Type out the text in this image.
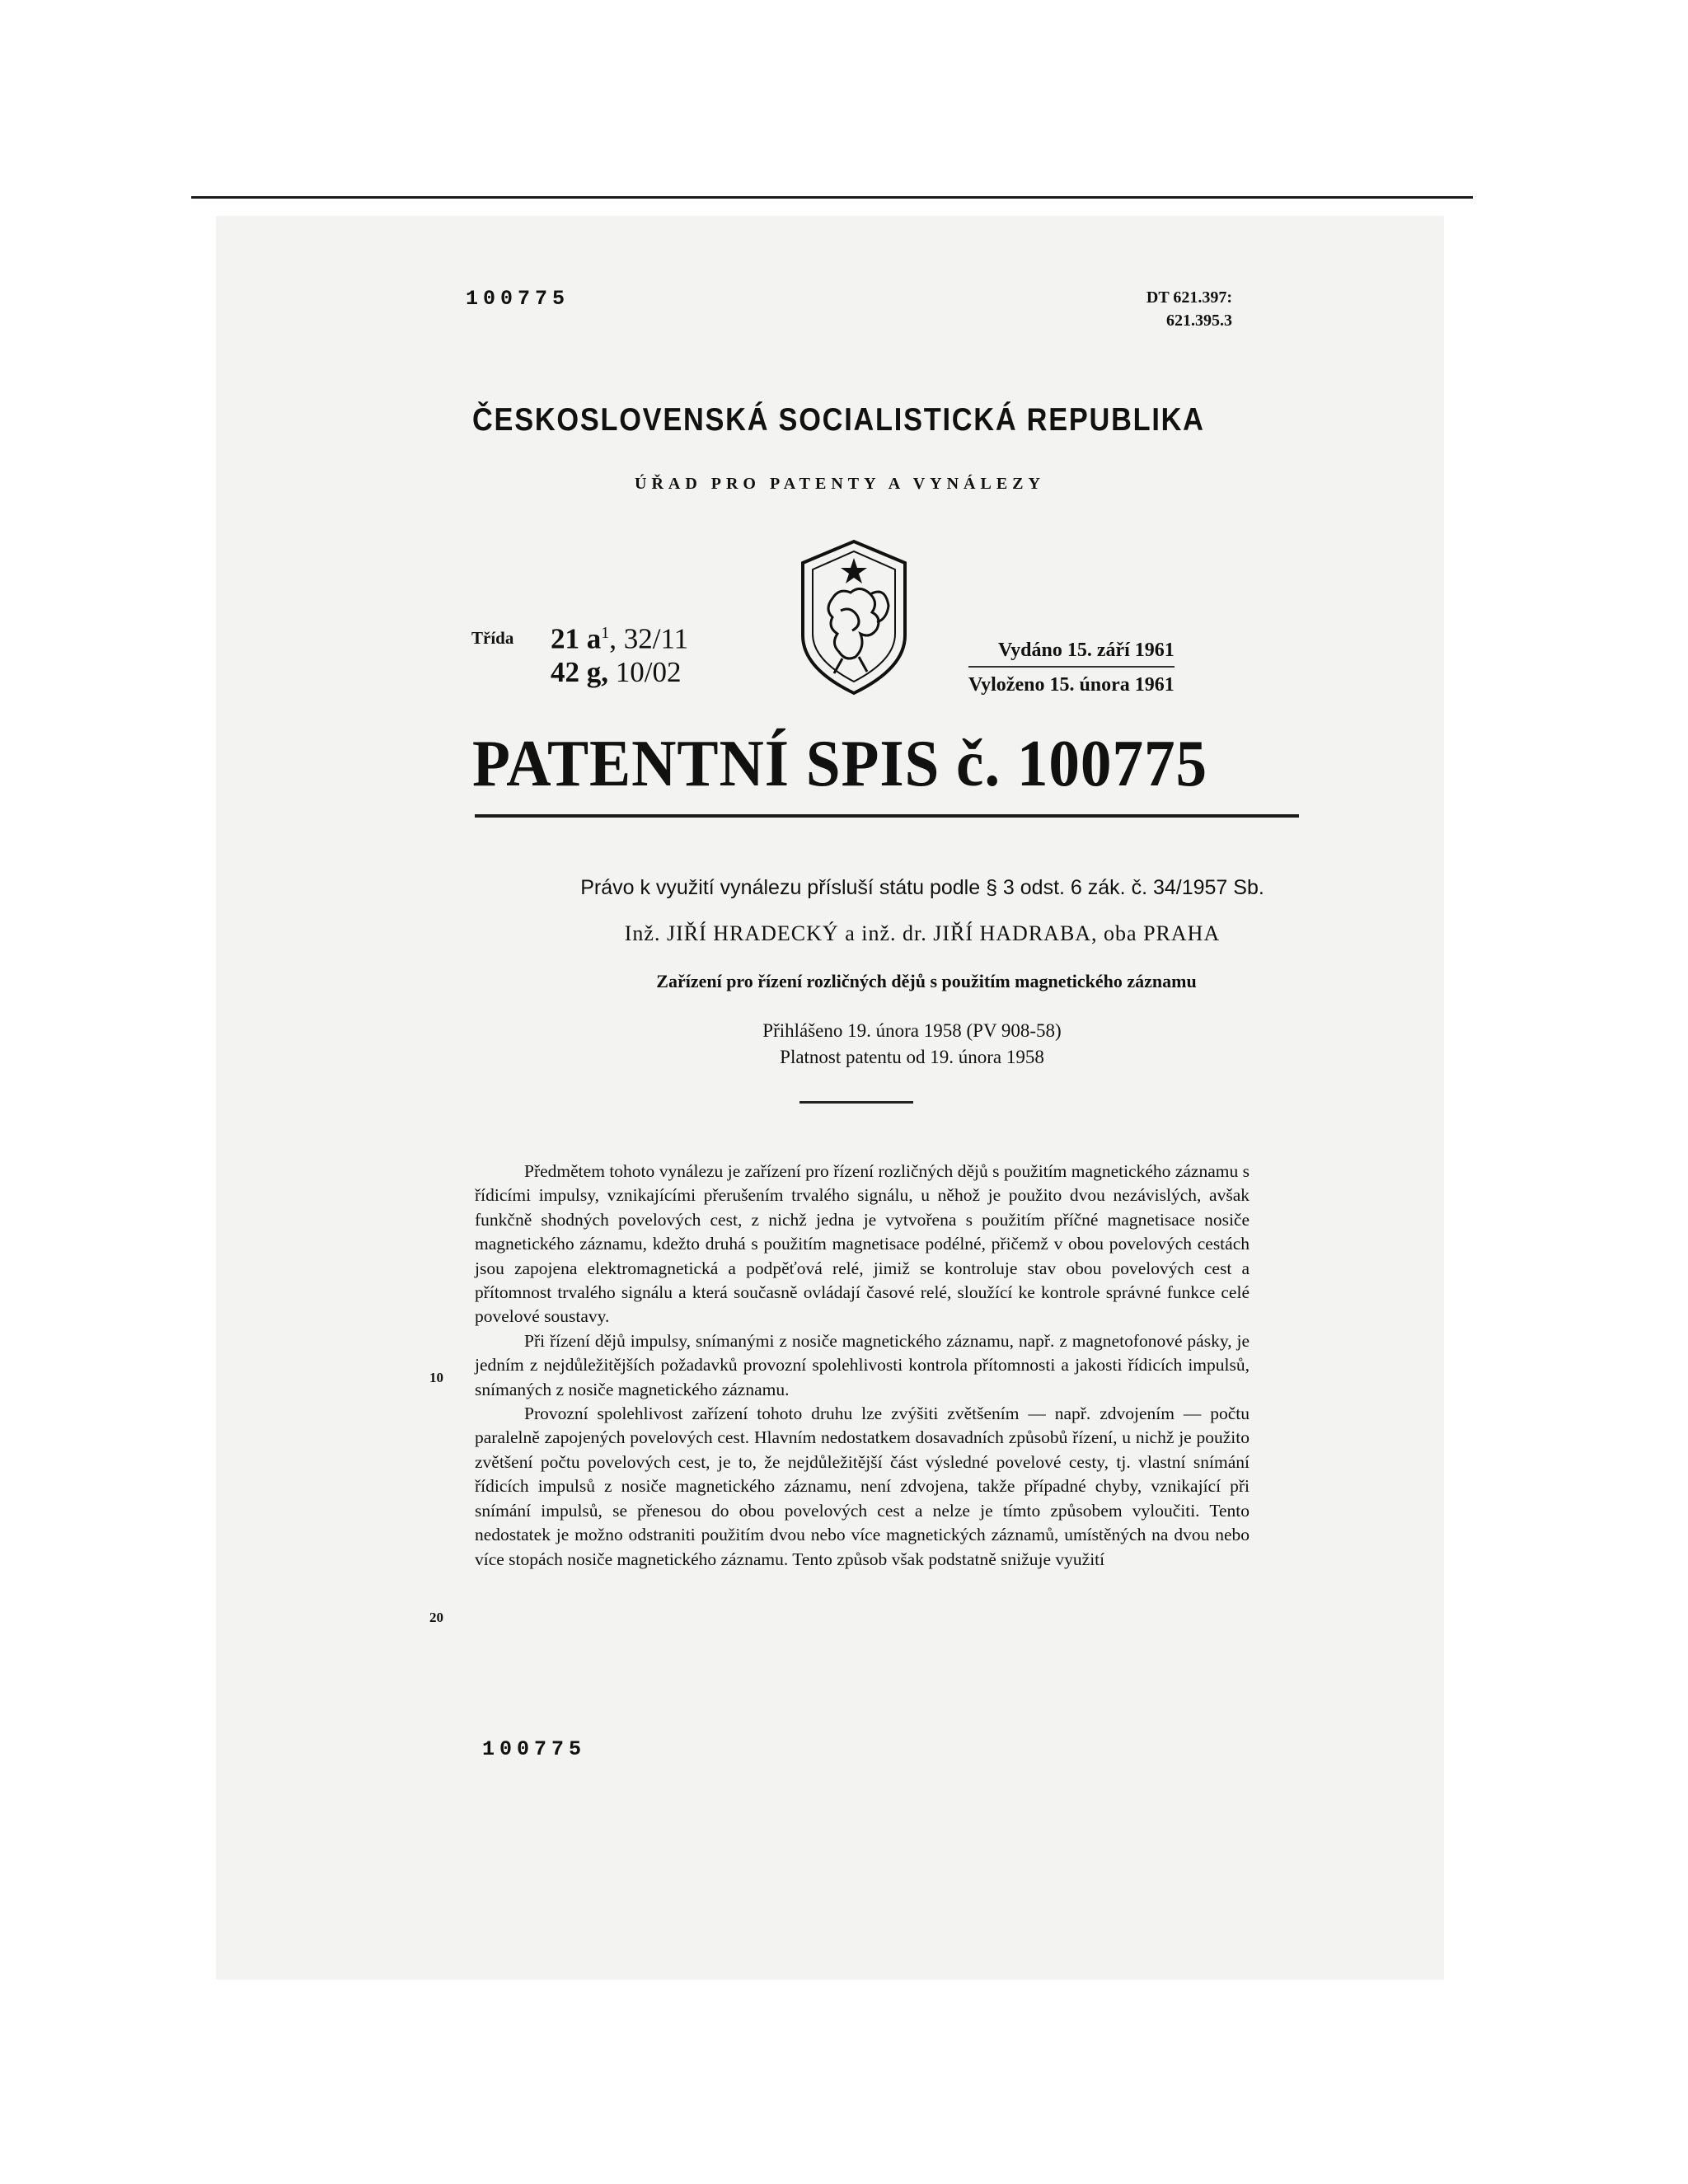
100775	DT 621.397:
621.395.3
ČESKOSLOVENSKÁ SOCIALISTICKÁ REPUBLIKA
ÚŘAD PRO PATENTY A VYNÁLEZY
Třída 21 $a^1$, 32/11
42 g, 10/02
Vydáno 15. září 1961
Vyloženo 15. února 1961
PATENTNÍ SPIS č. 100775
Právo k využití vynálezu přísluší státu podle § 3 odst. 6 zák. č. 34/1957 Sb.
Inž. JIŘÍ HRADECKÝ a inž. dr. JIŘÍ HADRABA, oba PRAHA
Zařízení pro řízení rozličných dějů s použitím magnetického záznamu
Přihlášeno 19. února 1958 (PV 908-58)
Platnost patentu od 19. února 1958

Předmětem tohoto vynálezu je zařízení pro řízení rozličných dějů s použitím magnetického záznamu s řídicími impulsy, vznikajícími přerušením trvalého signálu, u něhož je použito dvou nezávislých, avšak funkčně shodných povelových cest, z nichž jedna je vytvořena s použitím příčné magnetisace nosiče magnetického záznamu, kdežto druhá s použitím magnetisace podélné, přičemž v obou povelových cestách jsou zapojena elektromagnetická a podpěťová relé, jimiž se kontroluje stav obou povelových cest a přítomnost trvalého signálu a která současně ovládají časové relé, sloužící ke kontrole správné funkce celé povelové soustavy.

Při řízení dějů impulsy, snímanými z nosiče magnetického záznamu, např. z magnetofonové pásky, je jedním z nejdůležitějších požadavků provozní spolehlivosti kontrola přítomnosti a jakosti řídicích impulsů, snímaných z nosiče magnetického záznamu.

Provozní spolehlivost zařízení tohoto druhu lze zvýšiti zvětšením — např. zdvojením — počtu paralelně zapojených povelových cest. Hlavním nedostatkem dosavadních způsobů řízení, u nichž je použito zvětšení počtu povelových cest, je to, že nejdůležitější část výsledné povelové cesty, tj. vlastní snímání řídicích impulsů z nosiče magnetického záznamu, není zdvojena, takže případné chyby, vznikající při snímání impulsů, se přenesou do obou povelových cest a nelze je tímto způsobem vyloučiti. Tento nedostatek je možno odstraniti použitím dvou nebo více magnetických záznamů, umístěných na dvou nebo více stopách nosiče magnetického záznamu. Tento způsob však podstatně snižuje využití

10
20
100775
